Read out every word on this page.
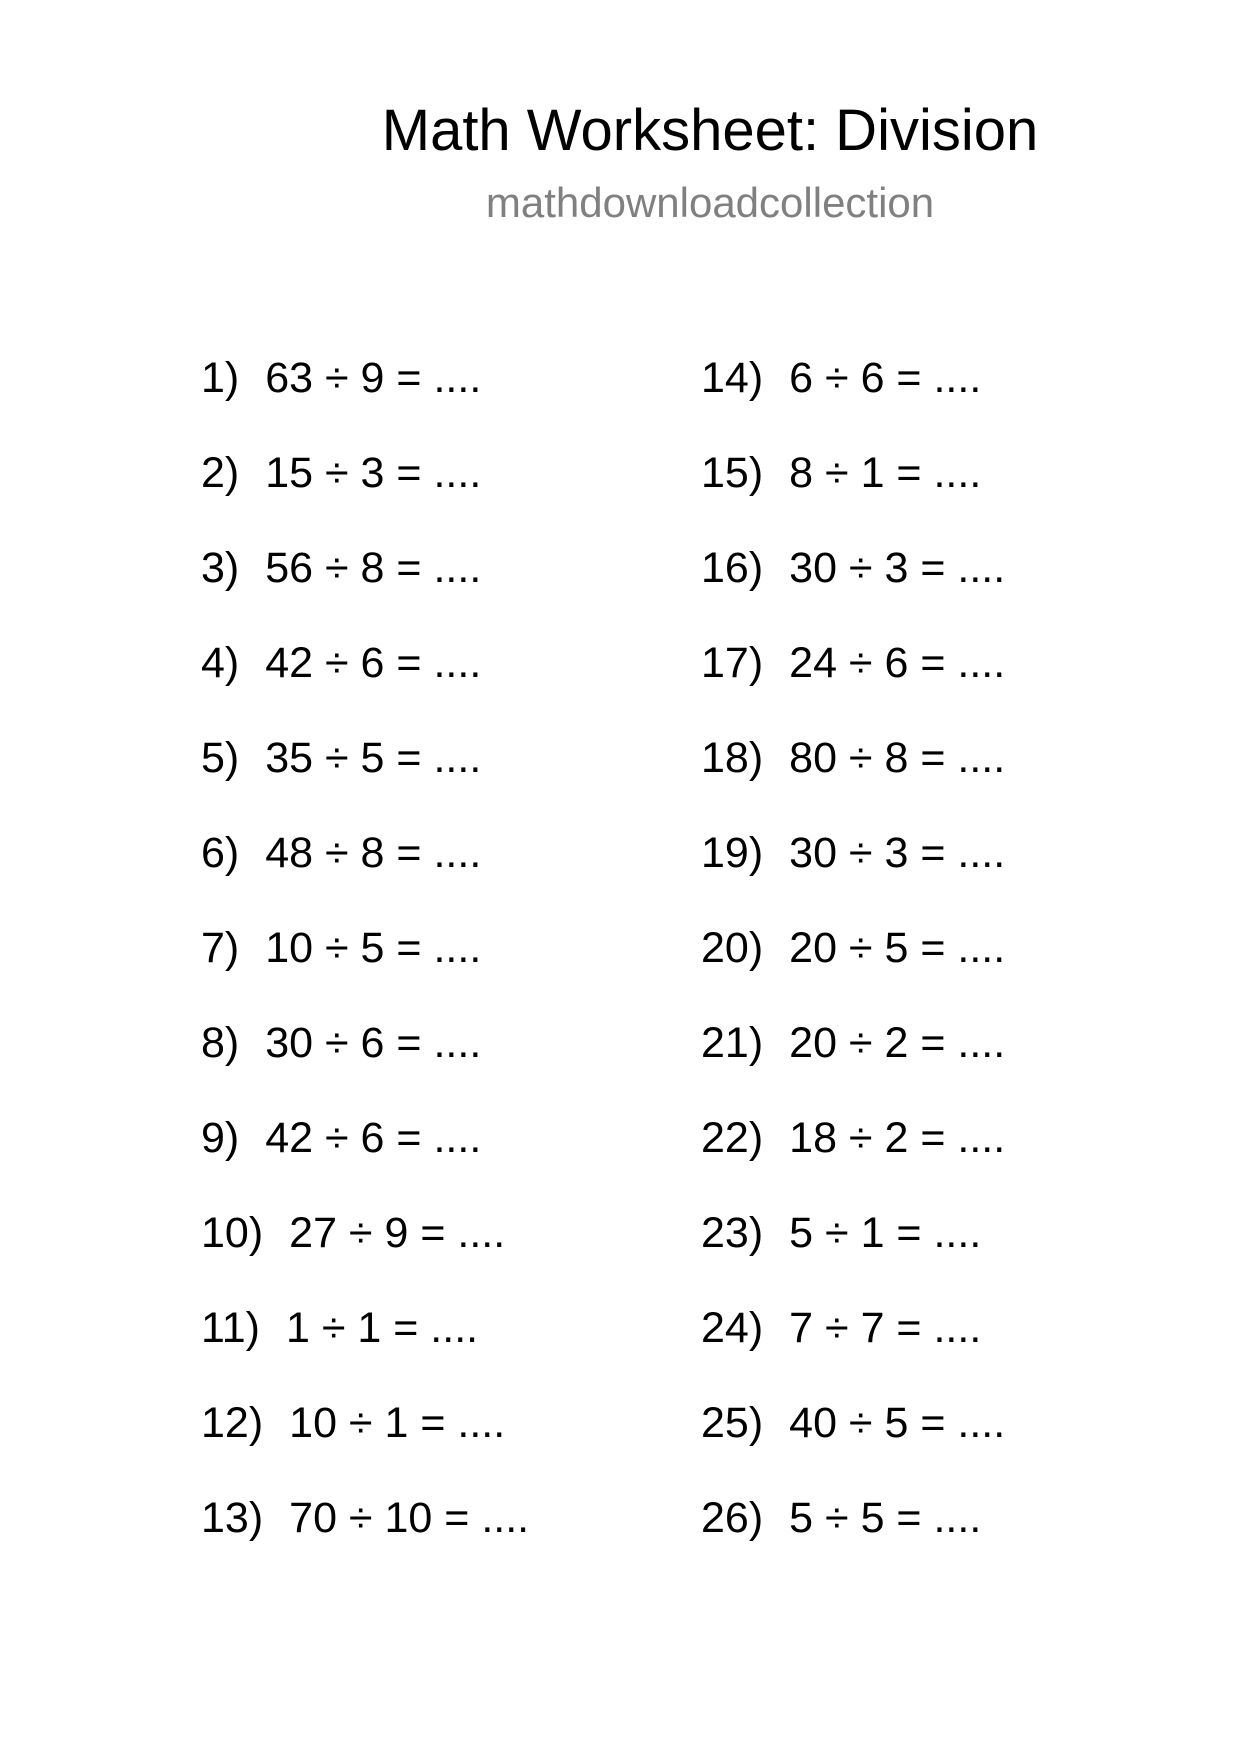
Math Worksheet: Division
mathdownloadcollection
1) 63 ÷ 9 = ....
2) 15 ÷ 3 = ....
3) 56 ÷ 8 = ....
4) 42 ÷ 6 = ....
5) 35 ÷ 5 = ....
6) 48 ÷ 8 = ....
7) 10 ÷ 5 = ....
8) 30 ÷ 6 = ....
9) 42 ÷ 6 = ....
10) 27 ÷ 9 = ....
11) 1 ÷ 1 = ....
12) 10 ÷ 1 = ....
13) 70 ÷ 10 = ....
14) 6 ÷ 6 = ....
15) 8 ÷ 1 = ....
16) 30 ÷ 3 = ....
17) 24 ÷ 6 = ....
18) 80 ÷ 8 = ....
19) 30 ÷ 3 = ....
20) 20 ÷ 5 = ....
21) 20 ÷ 2 = ....
22) 18 ÷ 2 = ....
23) 5 ÷ 1 = ....
24) 7 ÷ 7 = ....
25) 40 ÷ 5 = ....
26) 5 ÷ 5 = ....
